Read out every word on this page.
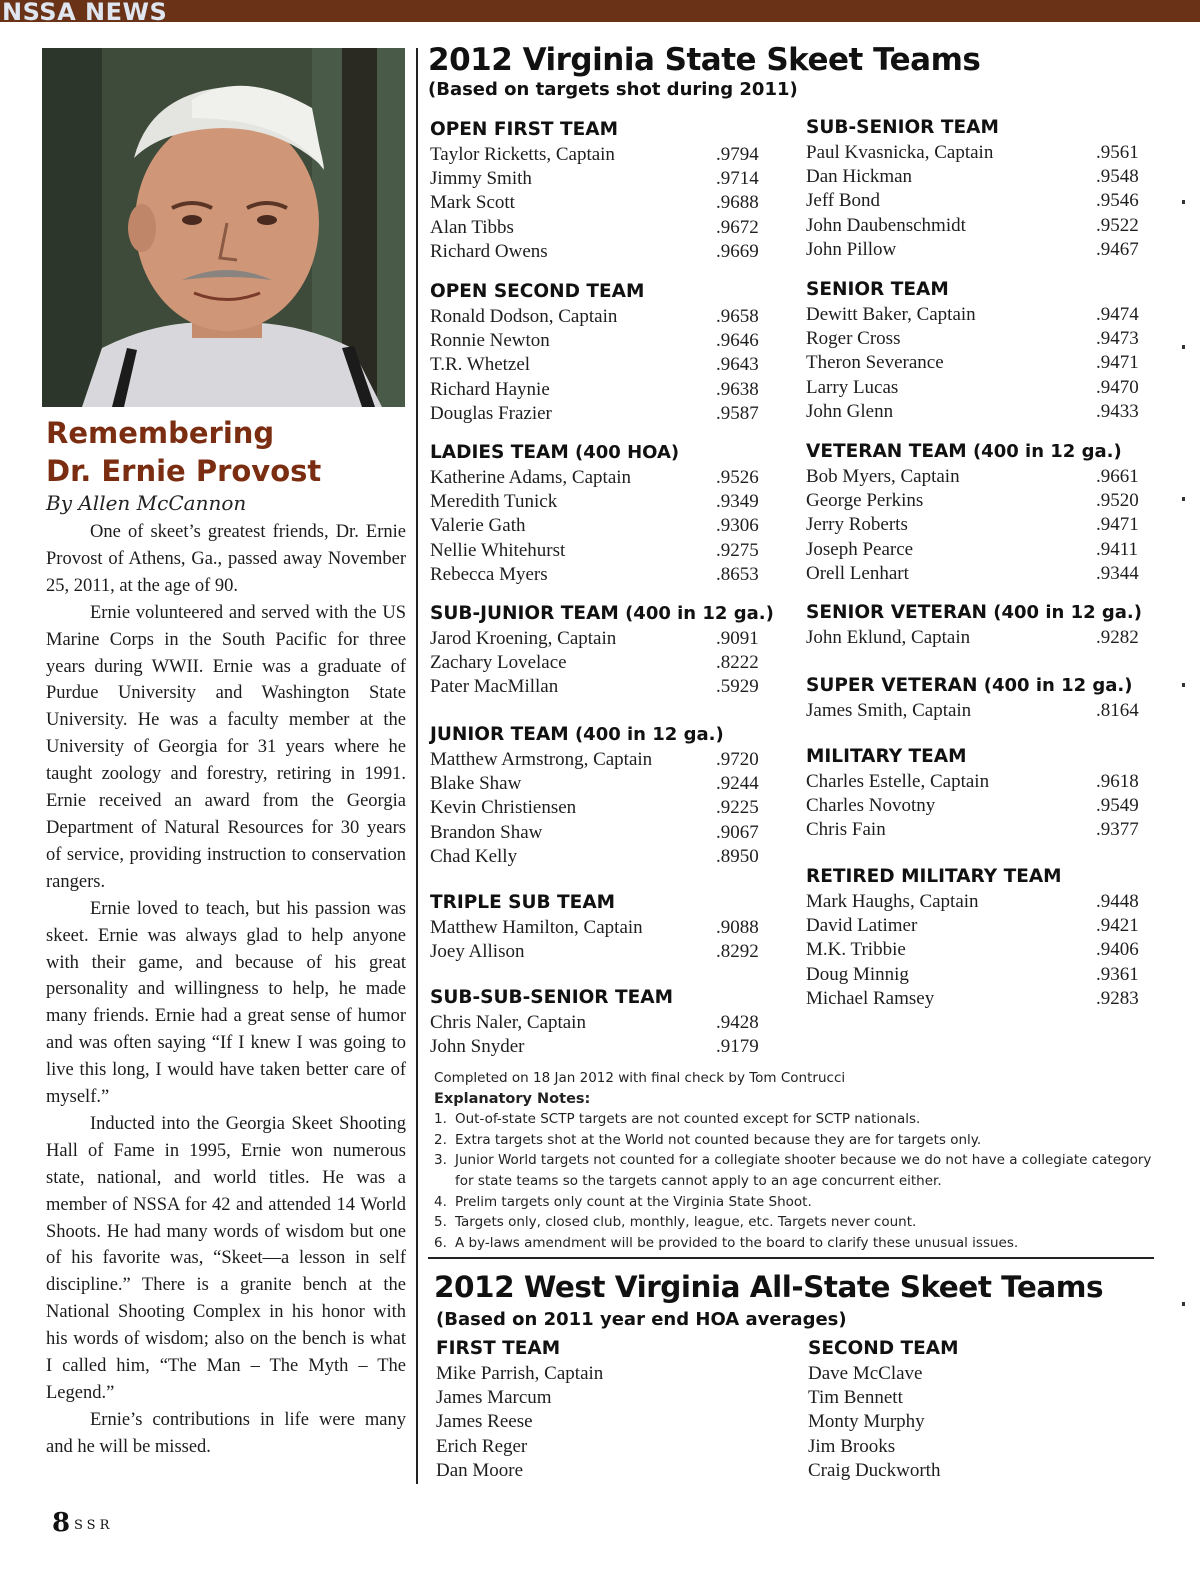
NSSA NEWS
Remembering
Dr. Ernie Provost
By Allen McCannon

One of skeet’s greatest friends, Dr. Ernie Provost of Athens, Ga., passed away November 25, 2011, at the age of 90.

Ernie volunteered and served with the US Marine Corps in the South Pacific for three years during WWII. Ernie was a graduate of Purdue University and Washington State University. He was a faculty member at the University of Georgia for 31 years where he taught zoology and forestry, retiring in 1991. Ernie received an award from the Georgia Department of Natural Resources for 30 years of service, providing instruction to conservation rangers.

Ernie loved to teach, but his passion was skeet. Ernie was always glad to help anyone with their game, and because of his great personality and willingness to help, he made many friends. Ernie had a great sense of humor and was often saying “If I knew I was going to live this long, I would have taken better care of myself.”

Inducted into the Georgia Skeet Shooting Hall of Fame in 1995, Ernie won numerous state, national, and world titles. He was a member of NSSA for 42 and attended 14 World Shoots. He had many words of wisdom but one of his favorite was, “Skeet—a lesson in self discipline.” There is a granite bench at the National Shooting Complex in his honor with his words of wisdom; also on the bench is what I called him, “The Man – The Myth – The Legend.”

Ernie’s contributions in life were many and he will be missed.

2012 Virginia State Skeet Teams
(Based on targets shot during 2011)
OPEN FIRST TEAM
Taylor Ricketts, Captain	.9794
Jimmy Smith	.9714
Mark Scott	.9688
Alan Tibbs	.9672
Richard Owens	.9669
OPEN SECOND TEAM
Ronald Dodson, Captain	.9658
Ronnie Newton	.9646
T.R. Whetzel	.9643
Richard Haynie	.9638
Douglas Frazier	.9587
LADIES TEAM (400 HOA)
Katherine Adams, Captain	.9526
Meredith Tunick	.9349
Valerie Gath	.9306
Nellie Whitehurst	.9275
Rebecca Myers	.8653
SUB-JUNIOR TEAM (400 in 12 ga.)
Jarod Kroening, Captain	.9091
Zachary Lovelace	.8222
Pater MacMillan	.5929
JUNIOR TEAM (400 in 12 ga.)
Matthew Armstrong, Captain	.9720
Blake Shaw	.9244
Kevin Christiensen	.9225
Brandon Shaw	.9067
Chad Kelly	.8950
TRIPLE SUB TEAM
Matthew Hamilton, Captain	.9088
Joey Allison	.8292
SUB-SUB-SENIOR TEAM
Chris Naler, Captain	.9428
John Snyder	.9179
SUB-SENIOR TEAM
Paul Kvasnicka, Captain	.9561
Dan Hickman	.9548
Jeff Bond	.9546
John Daubenschmidt	.9522
John Pillow	.9467
SENIOR TEAM
Dewitt Baker, Captain	.9474
Roger Cross	.9473
Theron Severance	.9471
Larry Lucas	.9470
John Glenn	.9433
VETERAN TEAM (400 in 12 ga.)
Bob Myers, Captain	.9661
George Perkins	.9520
Jerry Roberts	.9471
Joseph Pearce	.9411
Orell Lenhart	.9344
SENIOR VETERAN (400 in 12 ga.)
John Eklund, Captain	.9282
SUPER VETERAN (400 in 12 ga.)
James Smith, Captain	.8164
MILITARY TEAM
Charles Estelle, Captain	.9618
Charles Novotny	.9549
Chris Fain	.9377
RETIRED MILITARY TEAM
Mark Haughs, Captain	.9448
David Latimer	.9421
M.K. Tribbie	.9406
Doug Minnig	.9361
Michael Ramsey	.9283
Completed on 18 Jan 2012 with final check by Tom Contrucci
Explanatory Notes:
1. Out-of-state SCTP targets are not counted except for SCTP nationals.
2. Extra targets shot at the World not counted because they are for targets only.
3. Junior World targets not counted for a collegiate shooter because we do not have a collegiate category for state teams so the targets cannot apply to an age concurrent either.
4. Prelim targets only count at the Virginia State Shoot.
5. Targets only, closed club, monthly, league, etc. Targets never count.
6. A by-laws amendment will be provided to the board to clarify these unusual issues.
2012 West Virginia All-State Skeet Teams
(Based on 2011 year end HOA averages)
FIRST TEAM
Mike Parrish, Captain
James Marcum
James Reese
Erich Reger
Dan Moore
SECOND TEAM
Dave McClave
Tim Bennett
Monty Murphy
Jim Brooks
Craig Duckworth
8 SSR
